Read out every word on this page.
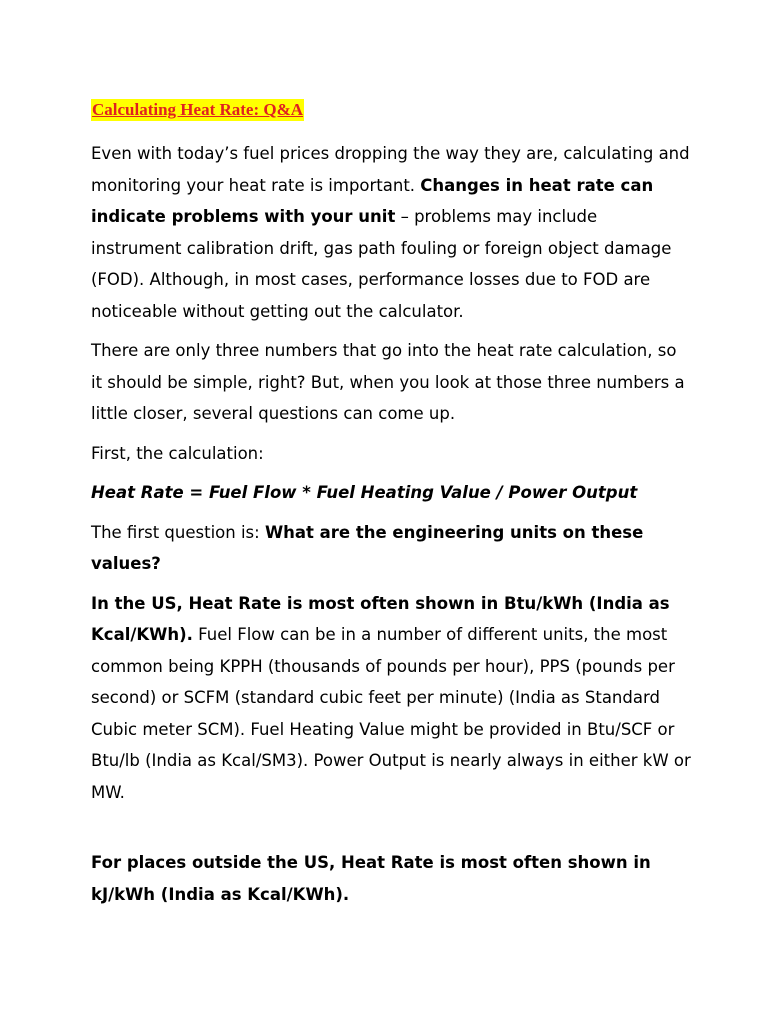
Calculating Heat Rate: Q&A

Even with today’s fuel prices dropping the way they are, calculating and monitoring your heat rate is important. Changes in heat rate can indicate problems with your unit – problems may include instrument calibration drift, gas path fouling or foreign object damage (FOD). Although, in most cases, performance losses due to FOD are noticeable without getting out the calculator.

There are only three numbers that go into the heat rate calculation, so it should be simple, right? But, when you look at those three numbers a little closer, several questions can come up.

First, the calculation:

Heat Rate = Fuel Flow * Fuel Heating Value / Power Output

The first question is: What are the engineering units on these values?

In the US, Heat Rate is most often shown in Btu/kWh (India as Kcal/KWh). Fuel Flow can be in a number of different units, the most common being KPPH (thousands of pounds per hour), PPS (pounds per second) or SCFM (standard cubic feet per minute) (India as Standard Cubic meter SCM). Fuel Heating Value might be provided in Btu/SCF or Btu/lb (India as Kcal/SM3). Power Output is nearly always in either kW or MW.

For places outside the US, Heat Rate is most often shown in kJ/kWh (India as Kcal/KWh).
